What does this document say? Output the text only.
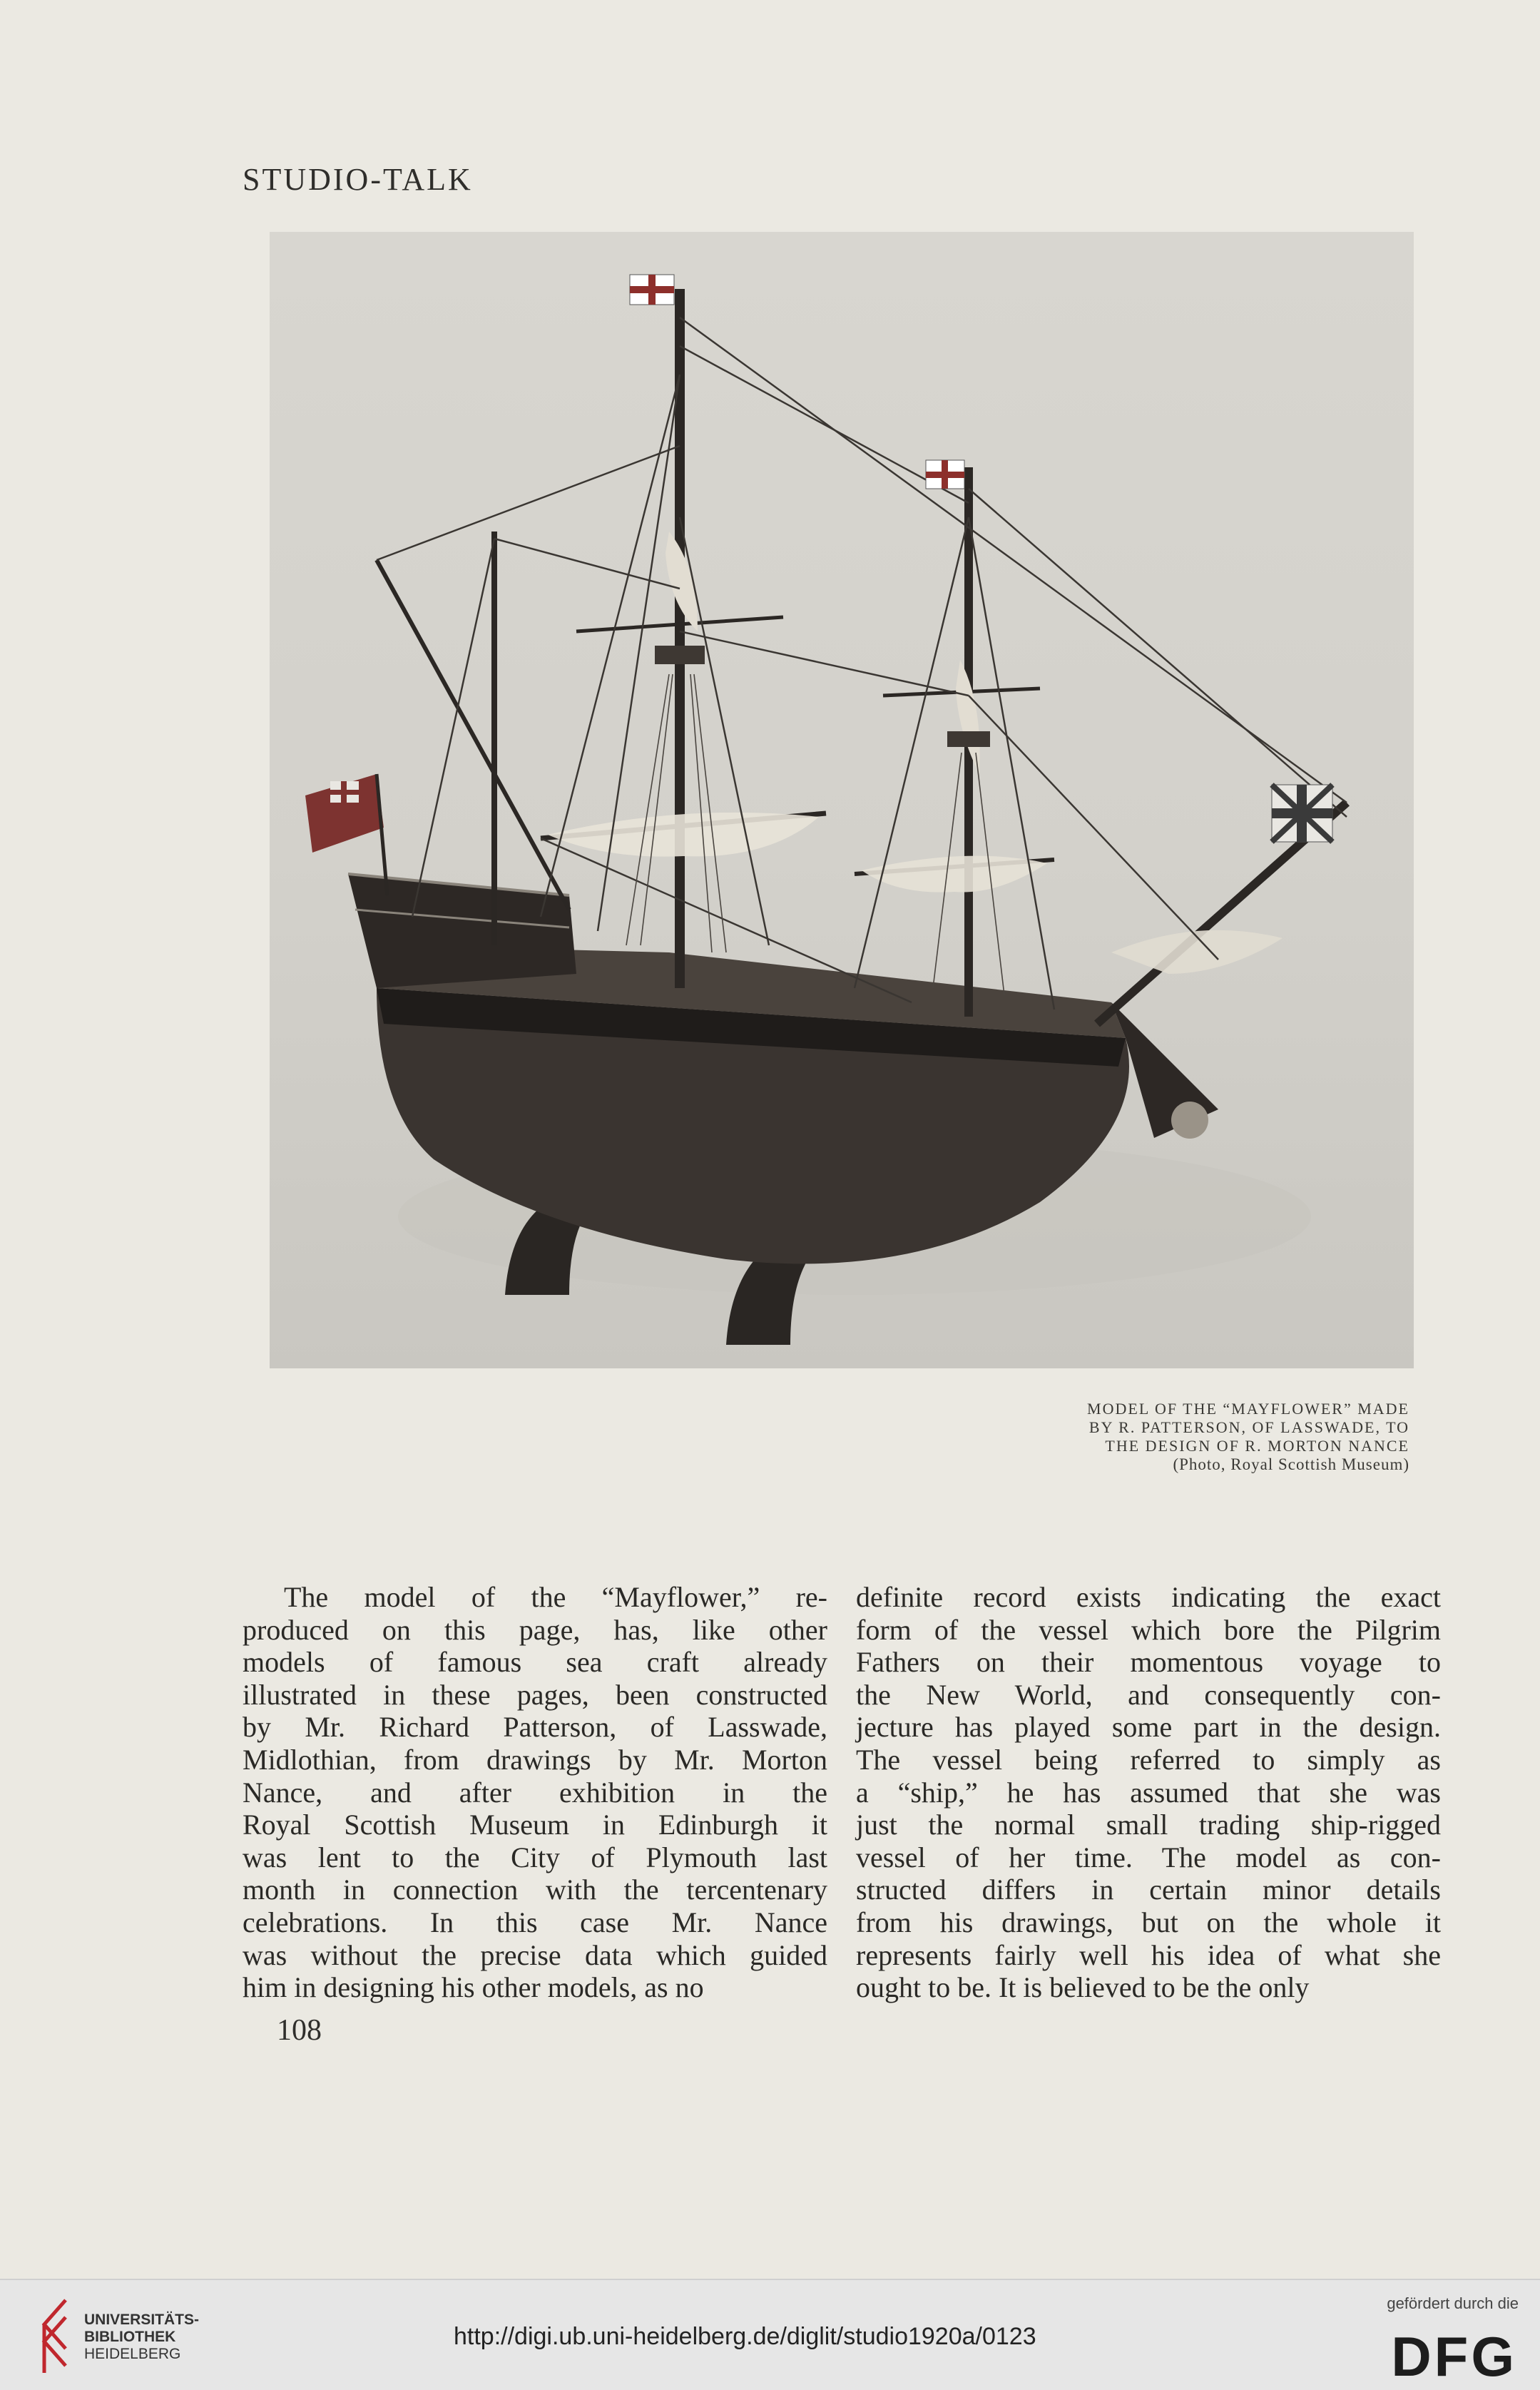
STUDIO-TALK
MODEL OF THE “MAYFLOWER” MADE
BY R. PATTERSON, OF LASSWADE, TO
THE DESIGN OF R. MORTON NANCE
(Photo, Royal Scottish Museum)
The model of the “Mayflower,” re-
produced on this page, has, like other
models of famous sea craft already
illustrated in these pages, been constructed
by Mr. Richard Patterson, of Lasswade,
Midlothian, from drawings by Mr. Morton
Nance, and after exhibition in the
Royal Scottish Museum in Edinburgh it
was lent to the City of Plymouth last
month in connection with the tercentenary
celebrations. In this case Mr. Nance
was without the precise data which guided
him in designing his other models, as no
definite record exists indicating the exact
form of the vessel which bore the Pilgrim
Fathers on their momentous voyage to
the New World, and consequently con-
jecture has played some part in the design.
The vessel being referred to simply as
a “ship,” he has assumed that she was
just the normal small trading ship-rigged
vessel of her time. The model as con-
structed differs in certain minor details
from his drawings, but on the whole it
represents fairly well his idea of what she
ought to be. It is believed to be the only
108
UNIVERSITÄTS-
BIBLIOTHEK
HEIDELBERG
http://digi.ub.uni-heidelberg.de/diglit/studio1920a/0123
gefördert durch die
DFG
